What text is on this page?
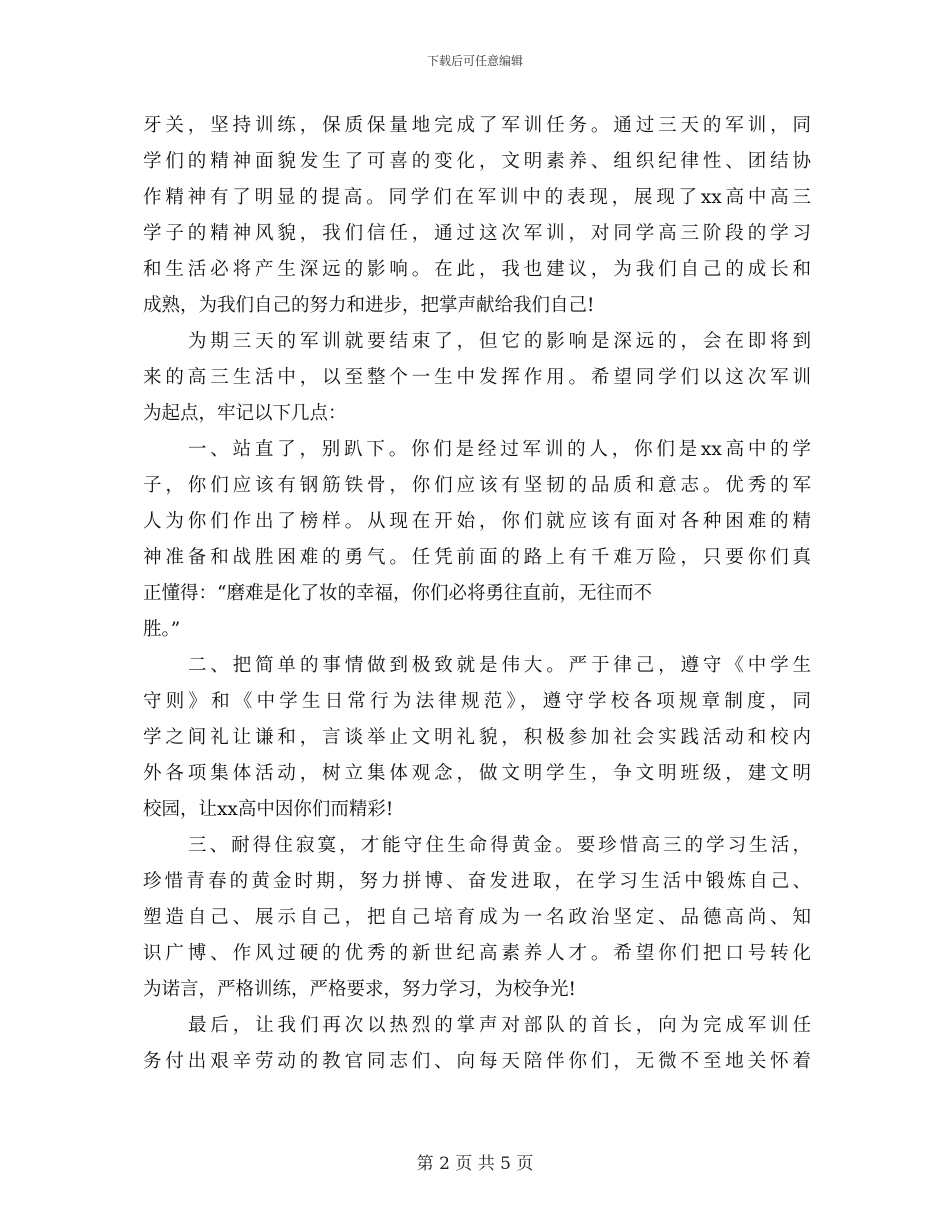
下载后可任意编辑
牙关，坚持训练，保质保量地完成了军训任务。通过三天的军训，同
学们的精神面貌发生了可喜的变化，文明素养、组织纪律性、团结协
作精神有了明显的提高。同学们在军训中的表现，展现了xx高中高三
学子的精神风貌，我们信任，通过这次军训，对同学高三阶段的学习
和生活必将产生深远的影响。在此，我也建议，为我们自己的成长和
成熟，为我们自己的努力和进步，把掌声献给我们自己!
为期三天的军训就要结束了，但它的影响是深远的，会在即将到
来的高三生活中，以至整个一生中发挥作用。希望同学们以这次军训
为起点，牢记以下几点：
一、站直了，别趴下。你们是经过军训的人，你们是xx高中的学
子，你们应该有钢筋铁骨，你们应该有坚韧的品质和意志。优秀的军
人为你们作出了榜样。从现在开始，你们就应该有面对各种困难的精
神准备和战胜困难的勇气。任凭前面的路上有千难万险，只要你们真
正懂得：“磨难是化了妆的幸福，你们必将勇往直前，无往而不
胜。”
二、把简单的事情做到极致就是伟大。严于律己，遵守《中学生
守则》和《中学生日常行为法律规范》，遵守学校各项规章制度，同
学之间礼让谦和，言谈举止文明礼貌，积极参加社会实践活动和校内
外各项集体活动，树立集体观念，做文明学生，争文明班级，建文明
校园，让xx高中因你们而精彩!
三、耐得住寂寞，才能守住生命得黄金。要珍惜高三的学习生活，
珍惜青春的黄金时期，努力拼博、奋发进取，在学习生活中锻炼自己、
塑造自己、展示自己，把自己培育成为一名政治坚定、品德高尚、知
识广博、作风过硬的优秀的新世纪高素养人才。希望你们把口号转化
为诺言，严格训练，严格要求，努力学习，为校争光!
最后，让我们再次以热烈的掌声对部队的首长，向为完成军训任
务付出艰辛劳动的教官同志们、向每天陪伴你们，无微不至地关怀着
第 2 页 共 5 页
